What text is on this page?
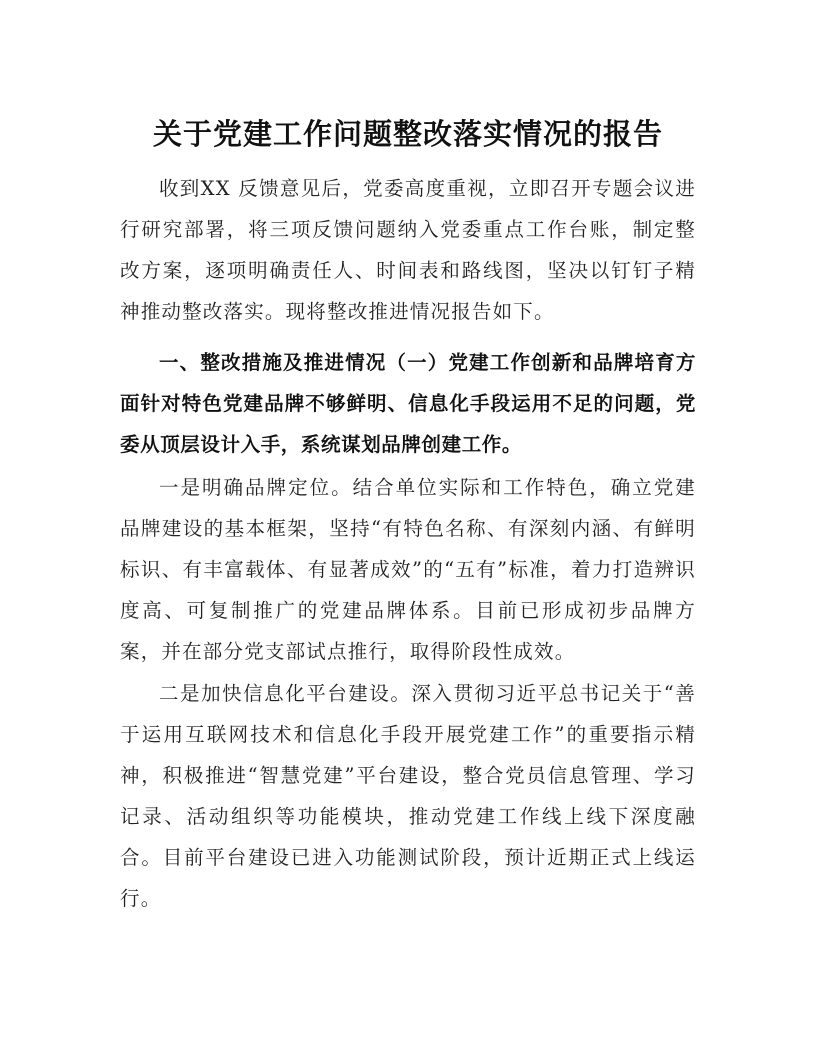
关于党建工作问题整改落实情况的报告

收到XX 反馈意见后，党委高度重视，立即召开专题会议进行研究部署，将三项反馈问题纳入党委重点工作台账，制定整改方案，逐项明确责任人、时间表和路线图，坚决以钉钉子精神推动整改落实。现将整改推进情况报告如下。

一、整改措施及推进情况（一）党建工作创新和品牌培育方面针对特色党建品牌不够鲜明、信息化手段运用不足的问题，党委从顶层设计入手，系统谋划品牌创建工作。

一是明确品牌定位。结合单位实际和工作特色，确立党建品牌建设的基本框架，坚持“有特色名称、有深刻内涵、有鲜明标识、有丰富载体、有显著成效”的“五有”标准，着力打造辨识度高、可复制推广的党建品牌体系。目前已形成初步品牌方案，并在部分党支部试点推行，取得阶段性成效。

二是加快信息化平台建设。深入贯彻习近平总书记关于“善于运用互联网技术和信息化手段开展党建工作”的重要指示精神，积极推进“智慧党建”平台建设，整合党员信息管理、学习记录、活动组织等功能模块，推动党建工作线上线下深度融合。目前平台建设已进入功能测试阶段，预计近期正式上线运行。
